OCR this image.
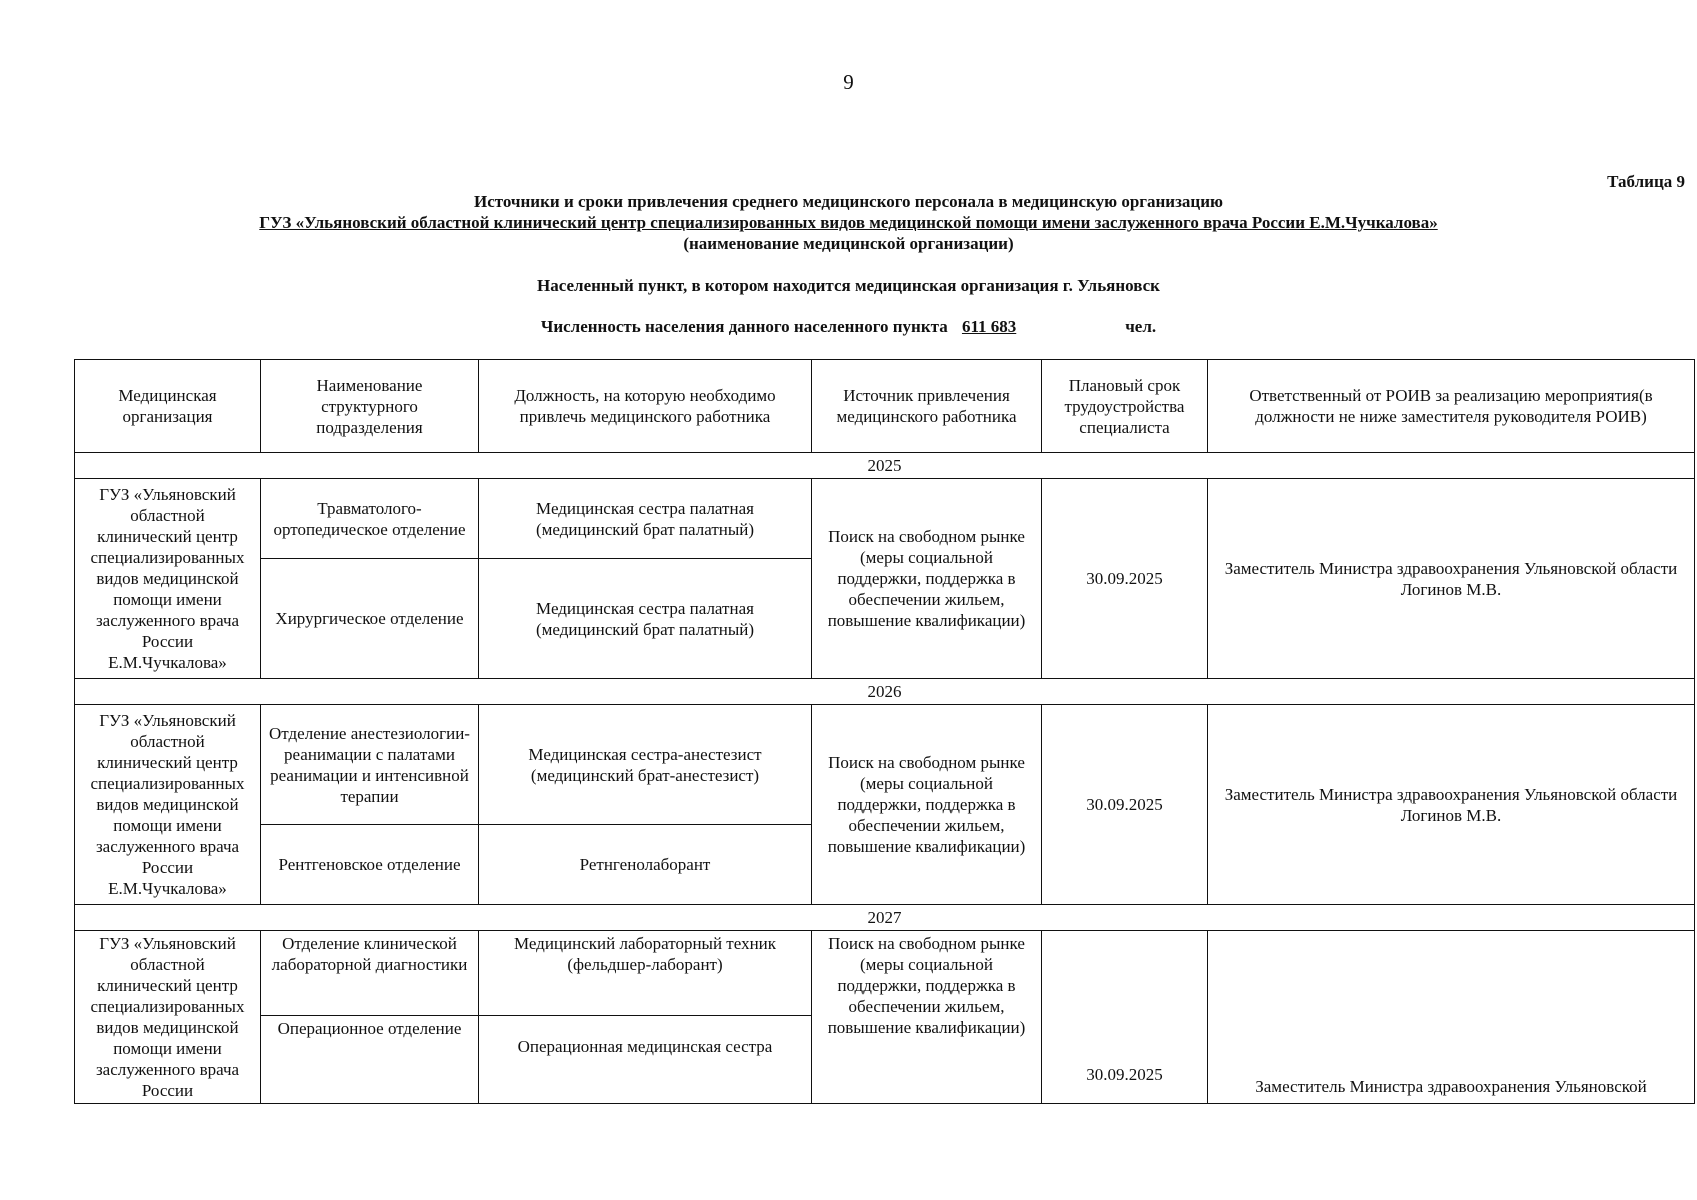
9
Таблица 9
Источники и сроки привлечения среднего медицинского персонала в медицинскую организацию
ГУЗ «Ульяновский областной клинический центр специализированных видов медицинской помощи имени заслуженного врача России Е.М.Чучкалова»
(наименование медицинской организации)
Населенный пункт, в котором находится медицинская организация г. Ульяновск
Численность населения данного населенного пункта 611 683	чел.
Медицинская организация	Наименование структурного подразделения	Должность, на которую необходимо привлечь медицинского работника	Источник привлечения медицинского работника	Плановый срок трудоустройства специалиста	Ответственный от РОИВ за реализацию мероприятия(в должности не ниже заместителя руководителя РОИВ)
2025					
ГУЗ «Ульяновский областной клинический центр специализированных видов медицинской помощи имени заслуженного врача России Е.М.Чучкалова»	Травматолого-ортопедическое отделение	Медицинская сестра палатная (медицинский брат палатный)	Поиск на свободном рынке (меры социальной поддержки, поддержка в обеспечении жильем, повышение квалификации)	30.09.2025	Заместитель Министра здравоохранения Ульяновской области Логинов М.В.
	Хирургическое отделение	Медицинская сестра палатная (медицинский брат палатный)			
2026					
ГУЗ «Ульяновский областной клинический центр специализированных видов медицинской помощи имени заслуженного врача России Е.М.Чучкалова»	Отделение анестезиологии-реанимации с палатами реанимации и интенсивной терапии	Медицинская сестра-анестезист (медицинский брат-анестезист)	Поиск на свободном рынке (меры социальной поддержки, поддержка в обеспечении жильем, повышение квалификации)	30.09.2025	Заместитель Министра здравоохранения Ульяновской области Логинов М.В.
	Рентгеновское отделение	Ретнгенолаборант			
2027					
ГУЗ «Ульяновский областной клинический центр специализированных видов медицинской помощи имени заслуженного врача России	Отделение клинической лабораторной диагностики	Медицинский лабораторный техник (фельдшер-лаборант)	Поиск на свободном рынке (меры социальной поддержки, поддержка в обеспечении жильем, повышение квалификации)	30.09.2025	Заместитель Министра здравоохранения Ульяновской
	Операционное отделение	Операционная медицинская сестра			
